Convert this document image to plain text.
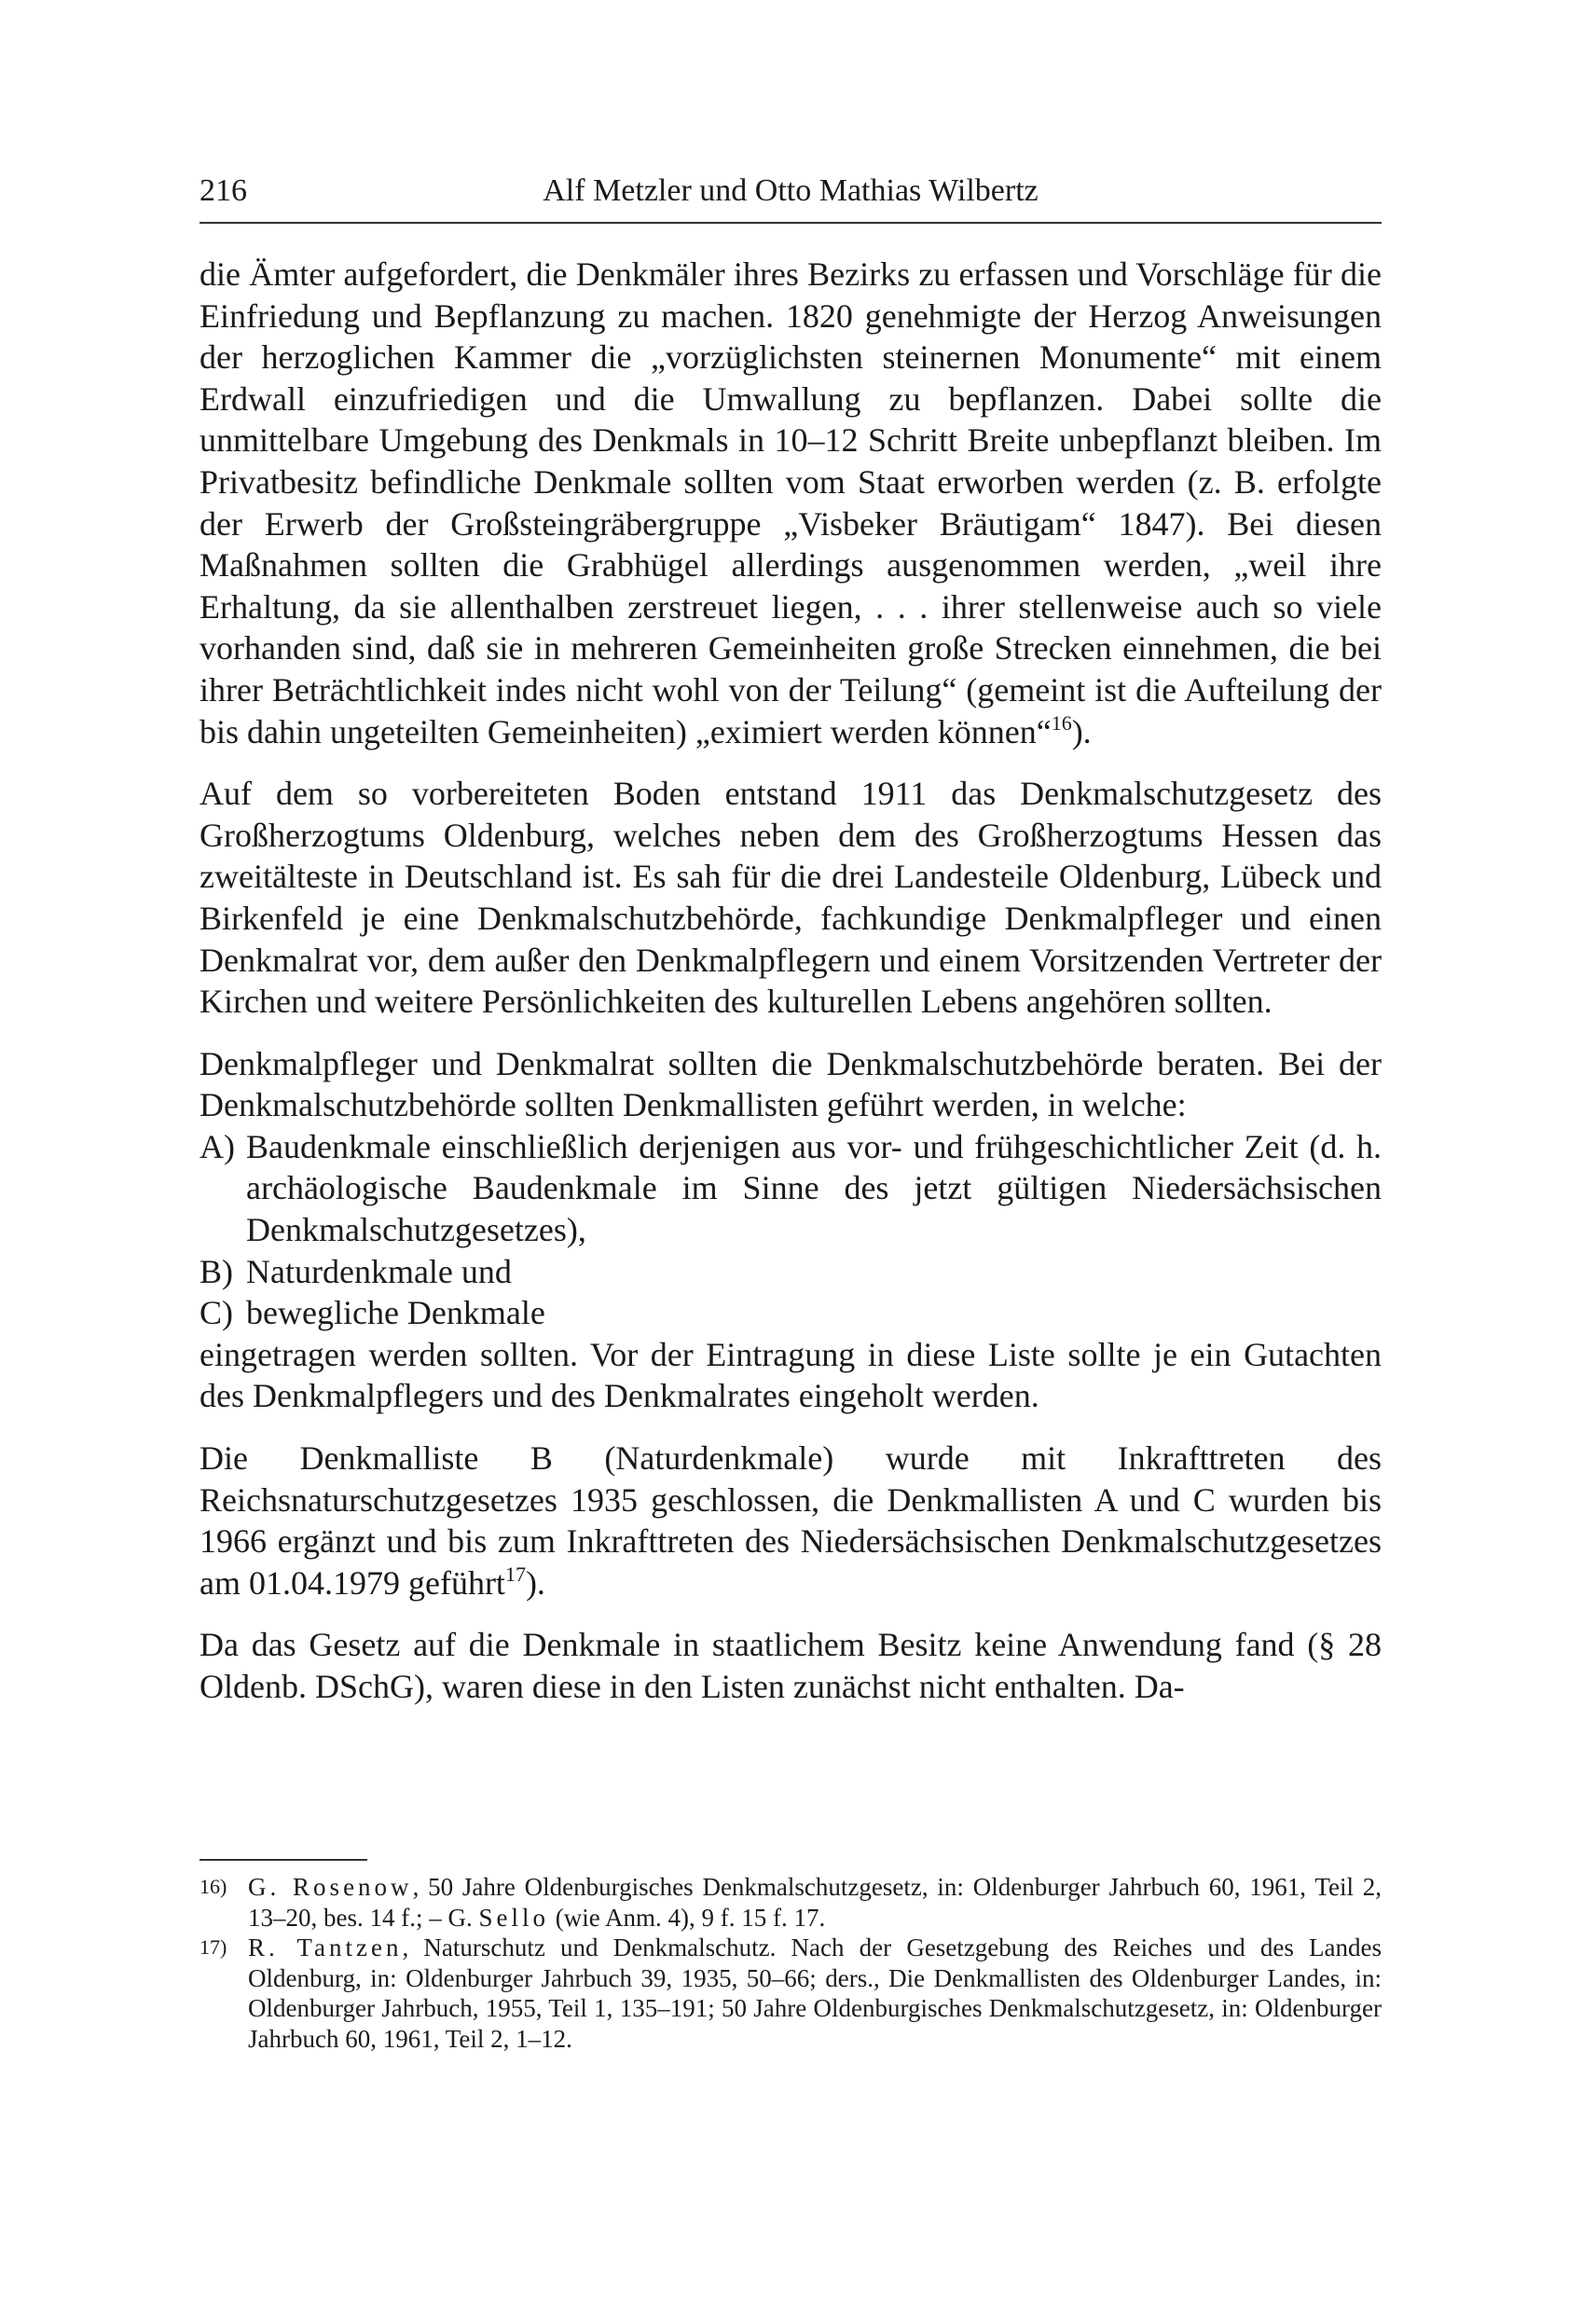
216	Alf Metzler und Otto Mathias Wilbertz

die Ämter aufgefordert, die Denkmäler ihres Bezirks zu erfassen und Vorschläge für die Einfriedung und Bepflanzung zu machen. 1820 genehmigte der Herzog Anweisungen der herzoglichen Kammer die „vorzüglichsten steinernen Monumente“ mit einem Erdwall einzufriedigen und die Umwallung zu bepflanzen. Dabei sollte die unmittelbare Umgebung des Denkmals in 10–12 Schritt Breite unbepflanzt bleiben. Im Privatbesitz befindliche Denkmale sollten vom Staat erworben werden (z. B. erfolgte der Erwerb der Großsteingräbergruppe „Visbeker Bräutigam“ 1847). Bei diesen Maßnahmen sollten die Grabhügel allerdings ausgenommen werden, „weil ihre Erhaltung, da sie allenthalben zerstreuet liegen, . . . ihrer stellenweise auch so viele vorhanden sind, daß sie in mehreren Gemeinheiten große Strecken einnehmen, die bei ihrer Beträchtlichkeit indes nicht wohl von der Teilung“ (gemeint ist die Aufteilung der bis dahin ungeteilten Gemeinheiten) „eximiert werden können“$^{16}$).

Auf dem so vorbereiteten Boden entstand 1911 das Denkmalschutzgesetz des Großherzogtums Oldenburg, welches neben dem des Großherzogtums Hessen das zweitälteste in Deutschland ist. Es sah für die drei Landesteile Oldenburg, Lübeck und Birkenfeld je eine Denkmalschutzbehörde, fachkundige Denkmalpfleger und einen Denkmalrat vor, dem außer den Denkmalpflegern und einem Vorsitzenden Vertreter der Kirchen und weitere Persönlichkeiten des kulturellen Lebens angehören sollten.

Denkmalpfleger und Denkmalrat sollten die Denkmalschutzbehörde beraten. Bei der Denkmalschutzbehörde sollten Denkmallisten geführt werden, in welche:

A) Baudenkmale einschließlich derjenigen aus vor- und frühgeschichtlicher Zeit (d. h. archäologische Baudenkmale im Sinne des jetzt gültigen Niedersächsischen Denkmalschutzgesetzes),
B) Naturdenkmale und
C) bewegliche Denkmale

eingetragen werden sollten. Vor der Eintragung in diese Liste sollte je ein Gutachten des Denkmalpflegers und des Denkmalrates eingeholt werden.

Die Denkmalliste B (Naturdenkmale) wurde mit Inkrafttreten des Reichsnaturschutzgesetzes 1935 geschlossen, die Denkmallisten A und C wurden bis 1966 ergänzt und bis zum Inkrafttreten des Niedersächsischen Denkmalschutzgesetzes am 01.04.1979 geführt$^{17}$).

Da das Gesetz auf die Denkmale in staatlichem Besitz keine Anwendung fand (§ 28 Oldenb. DSchG), waren diese in den Listen zunächst nicht enthalten. Da-

16) G. Rosenow, 50 Jahre Oldenburgisches Denkmalschutzgesetz, in: Oldenburger Jahrbuch 60, 1961, Teil 2, 13–20, bes. 14 f.; – G. Sello (wie Anm. 4), 9 f. 15 f. 17.

17) R. Tantzen, Naturschutz und Denkmalschutz. Nach der Gesetzgebung des Reiches und des Landes Oldenburg, in: Oldenburger Jahrbuch 39, 1935, 50–66; ders., Die Denkmallisten des Oldenburger Landes, in: Oldenburger Jahrbuch, 1955, Teil 1, 135–191; 50 Jahre Oldenburgisches Denkmalschutzgesetz, in: Oldenburger Jahrbuch 60, 1961, Teil 2, 1–12.
